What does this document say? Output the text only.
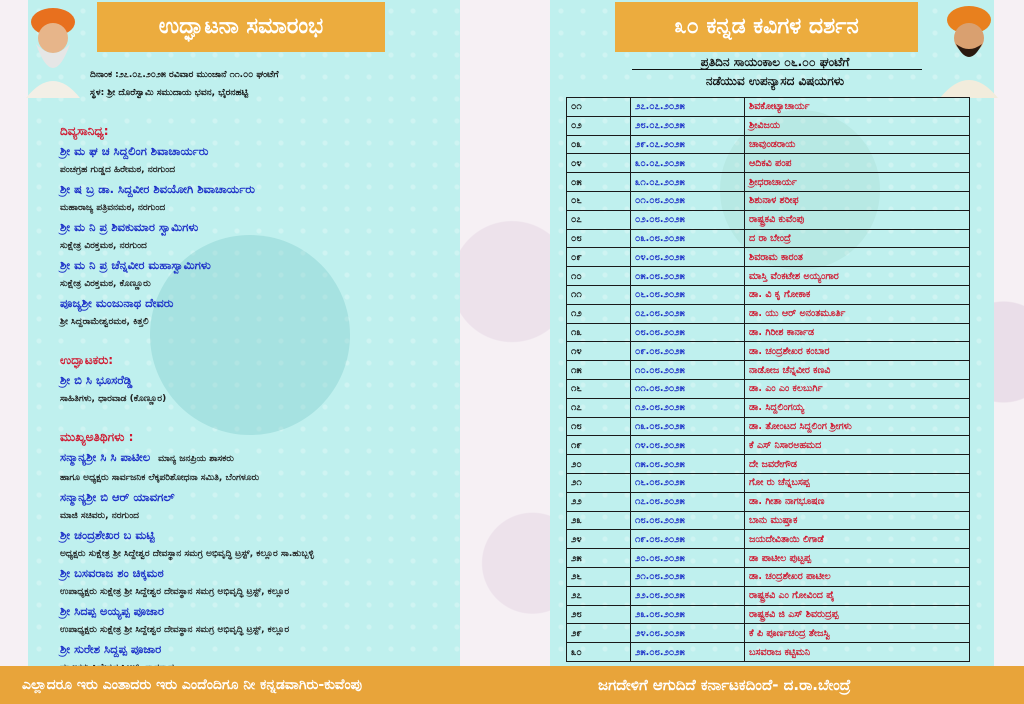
ಉದ್ಘಾಟನಾ ಸಮಾರಂಭ	೩೦ ಕನ್ನಡ ಕವಿಗಳ ದರ್ಶನ
ದಿನಾಂಕ :೨೭.೦೭.೨೦೨೫ ರವಿವಾರ ಮುಂಜಾನೆ ೧೧.೦೦ ಘಂಟೆಗೆ
ಸ್ಥಳ: ಶ್ರೀ ದೊರೆಸ್ವಾಮಿ ಸಮುದಾಯ ಭವನ, ಭೈರನಹಟ್ಟಿ
ದಿವ್ಯಸಾನಿಧ್ಯ:
ಶ್ರೀ ಮ ಘ ಚ ಸಿದ್ದಲಿಂಗ ಶಿವಾಚಾರ್ಯರು
ಪಂಚಗ್ರಹ ಗುಡ್ಡದ ಹಿರೇಮಠ, ನರಗುಂದ
ಶ್ರೀ ಷ ಬ್ರ ಡಾ. ಸಿದ್ದವೀರ ಶಿವಯೋಗಿ ಶಿವಾಚಾರ್ಯರು
ಮಹಾರಾಜ್ಯ ಪತ್ರಿವನಮಠ, ನರಗುಂದ
ಶ್ರೀ ಮ ನಿ ಪ್ರ ಶಿವಕುಮಾರ ಸ್ವಾಮಿಗಳು
ಸುಕ್ಷೇತ್ರ ವಿರಕ್ತಮಠ, ನರಗುಂದ
ಶ್ರೀ ಮ ನಿ ಪ್ರ ಚೆನ್ನವೀರ ಮಹಾಸ್ವಾಮಿಗಳು
ಸುಕ್ಷೇತ್ರ ವಿರಕ್ತಮಠ, ಕೊಣ್ಣೂರು
ಪೂಜ್ಯಶ್ರೀ ಮಂಜುನಾಥ ದೇವರು
ಶ್ರೀ ಸಿದ್ದರಾಮೇಶ್ವರಮಠ, ಕಿತ್ತಲಿ
ಉದ್ಘಾಟಕರು:
ಶ್ರೀ ಬಿ ಸಿ ಭೂಸರೆಡ್ಡಿ
ಸಾಹಿತಿಗಳು, ಧಾರವಾಡ (ಕೊಣ್ಣೂರ)
ಮುಖ್ಯಅತಿಥಿಗಳು :
ಸನ್ಮಾನ್ಯಶ್ರೀ ಸಿ ಸಿ ಪಾಟೀಲ ಮಾನ್ಯ ಜನಪ್ರಿಯ ಶಾಸಕರು
ಹಾಗೂ ಅಧ್ಯಕ್ಷರು ಸಾರ್ವಜನಿಕ ಲೆಕ್ಕಪರಿಶೋಧನಾ ಸಮಿತಿ, ಬೆಂಗಳೂರು
ಸನ್ಮಾನ್ಯಶ್ರೀ ಬಿ ಆರ್ ಯಾವಗಲ್
ಮಾಜಿ ಸಚಿವರು, ನರಗುಂದ
ಶ್ರೀ ಚಂದ್ರಶೇಖರ ಬ ಮಟ್ಟಿ
ಅಧ್ಯಕ್ಷರು ಸುಕ್ಷೇತ್ರ ಶ್ರೀ ಸಿದ್ದೇಶ್ವರ ದೇವಸ್ಥಾನ ಸಮಗ್ರ ಅಭಿವೃದ್ಧಿ ಟ್ರಸ್ಟ್, ಕಲ್ಲೂರ ಸಾ.ಹುಬ್ಬಳ್ಳಿ
ಶ್ರೀ ಬಸವರಾಜ ಶಂ ಚಿಕ್ಕಮಠ
ಉಪಾಧ್ಯಕ್ಷರು ಸುಕ್ಷೇತ್ರ ಶ್ರೀ ಸಿದ್ದೇಶ್ವರ ದೇವಸ್ಥಾನ ಸಮಗ್ರ ಅಭಿವೃದ್ಧಿ ಟ್ರಸ್ಟ್, ಕಲ್ಲೂರ
ಶ್ರೀ ಸಿದಪ್ಪ ಅಯ್ಯಪ್ಪ ಪೂಜಾರ
ಉಪಾಧ್ಯಕ್ಷರು ಸುಕ್ಷೇತ್ರ ಶ್ರೀ ಸಿದ್ದೇಶ್ವರ ದೇವಸ್ಥಾನ ಸಮಗ್ರ ಅಭಿವೃದ್ಧಿ ಟ್ರಸ್ಟ್, ಕಲ್ಲೂರ
ಶ್ರೀ ಸುರೇಶ ಸಿದ್ದಪ್ಪ ಪೂಜಾರ
ಪ್ರತಿದಿನ ಸಾಯಂಕಾಲ ೦೬.೦೦ ಘಂಟೆಗೆ
ನಡೆಯುವ ಉಪನ್ಯಾಸದ ವಿಷಯಗಳು
೦೧	೨೭.೦೭.೨೦೨೫	ಶಿವಕೋಟ್ಯಾಚಾರ್ಯ
೦೨	೨೮.೦೭.೨೦೨೫	ಶ್ರೀವಿಜಯ
೦೩	೨೯.೦೭.೨೦೨೫	ಚಾವುಂಡರಾಯ
೦೪	೩೦.೦೭.೨೦೨೫	ಆದಿಕವಿ ಪಂಪ
೦೫	೩೧.೦೭.೨೦೨೫	ಶ್ರೀಧರಾಚಾರ್ಯ
೦೬	೦೧.೦೮.೨೦೨೫	ಶಿಶುನಾಳ ಶರೀಫ
೦೭	೦೨.೦೮.೨೦೨೫	ರಾಷ್ಟ್ರಕವಿ ಕುವೆಂಪು
೦೮	೦೩.೦೮.೨೦೨೫	ದ ರಾ ಬೇಂದ್ರೆ
೦೯	೦೪.೦೮.೨೦೨೫	ಶಿವರಾಮ ಕಾರಂತ
೧೦	೦೫.೦೮.೨೦೨೫	ಮಾಸ್ತಿ ವೆಂಕಟೇಶ ಅಯ್ಯಂಗಾರ
೧೧	೦೬.೦೮.೨೦೨೫	ಡಾ. ವಿ ಕೃ ಗೋಕಾಕ
೧೨	೦೭.೦೮.೨೦೨೫	ಡಾ. ಯು ಆರ್ ಅನಂತಮೂರ್ತಿ
೧೩	೦೮.೦೮.೨೦೨೫	ಡಾ. ಗಿರೀಶ ಕಾರ್ನಾಡ
೧೪	೦೯.೦೮.೨೦೨೫	ಡಾ. ಚಂದ್ರಶೇಖರ ಕಂಬಾರ
೧೫	೧೦.೦೮.೨೦೨೫	ನಾಡೋಜ ಚೆನ್ನವೀರ ಕಣವಿ
೧೬	೧೧.೦೮.೨೦೨೫	ಡಾ. ಎಂ ಎಂ ಕಲಬುರ್ಗಿ
೧೭	೧೨.೦೮.೨೦೨೫	ಡಾ. ಸಿದ್ದಲಿಂಗಯ್ಯ
೧೮	೧೩.೦೮.೨೦೨೫	ಡಾ. ತೋಂಟದ ಸಿದ್ದಲಿಂಗ ಶ್ರೀಗಳು
೧೯	೧೪.೦೮.೨೦೨೫	ಕೆ ಎಸ್ ನಿಸಾರಅಹಮದ
೨೦	೧೫.೦೮.೨೦೨೫	ದೇ ಜವರೇಗೌಡ
೨೧	೧೬.೦೮.೨೦೨೫	ಗೋ ರು ಚೆನ್ನಬಸಪ್ಪ
೨೨	೧೭.೦೮.೨೦೨೫	ಡಾ. ಗೀತಾ ನಾಗಭೂಷಣ
೨೩	೧೮.೦೮.೨೦೨೫	ಬಾನು ಮುಷ್ತಾಕ
೨೪	೧೯.೦೮.೨೦೨೫	ಜಯದೇವಿತಾಯಿ ಲಿಗಾಡೆ
೨೫	೨೦.೦೮.೨೦೨೫	ಡಾ ಪಾಟೀಲ ಪುಟ್ಟಪ್ಪ
೨೬	೨೧.೦೮.೨೦೨೫	ಡಾ. ಚಂದ್ರಶೇಖರ ಪಾಟೀಲ
೨೭	೨೨.೦೮.೨೦೨೫	ರಾಷ್ಟ್ರಕವಿ ಎಂ ಗೋವಿಂದ ಪೈ
೨೮	೨೩.೦೮.೨೦೨೫	ರಾಷ್ಟ್ರಕವಿ ಜಿ ಎಸ್ ಶಿವರುದ್ರಪ್ಪ
೨೯	೨೪.೦೮.೨೦೨೫	ಕೆ ಪಿ ಪೂರ್ಣಚಂದ್ರ ತೇಜಸ್ವಿ
೩೦	೨೫.೦೮.೨೦೨೫	ಬಸವರಾಜ ಕಟ್ಟಿಮನಿ
ಎಲ್ಲಾದರೂ ಇರು ಎಂತಾದರು ಇರು ಎಂದೆಂದಿಗೂ ನೀ ಕನ್ನಡವಾಗಿರು-ಕುವೆಂಪು	ಜಗದೇಳಿಗೆ ಆಗುದಿದೆ ಕರ್ನಾಟಕದಿಂದೆ- ದ.ರಾ.ಬೇಂದ್ರೆ
